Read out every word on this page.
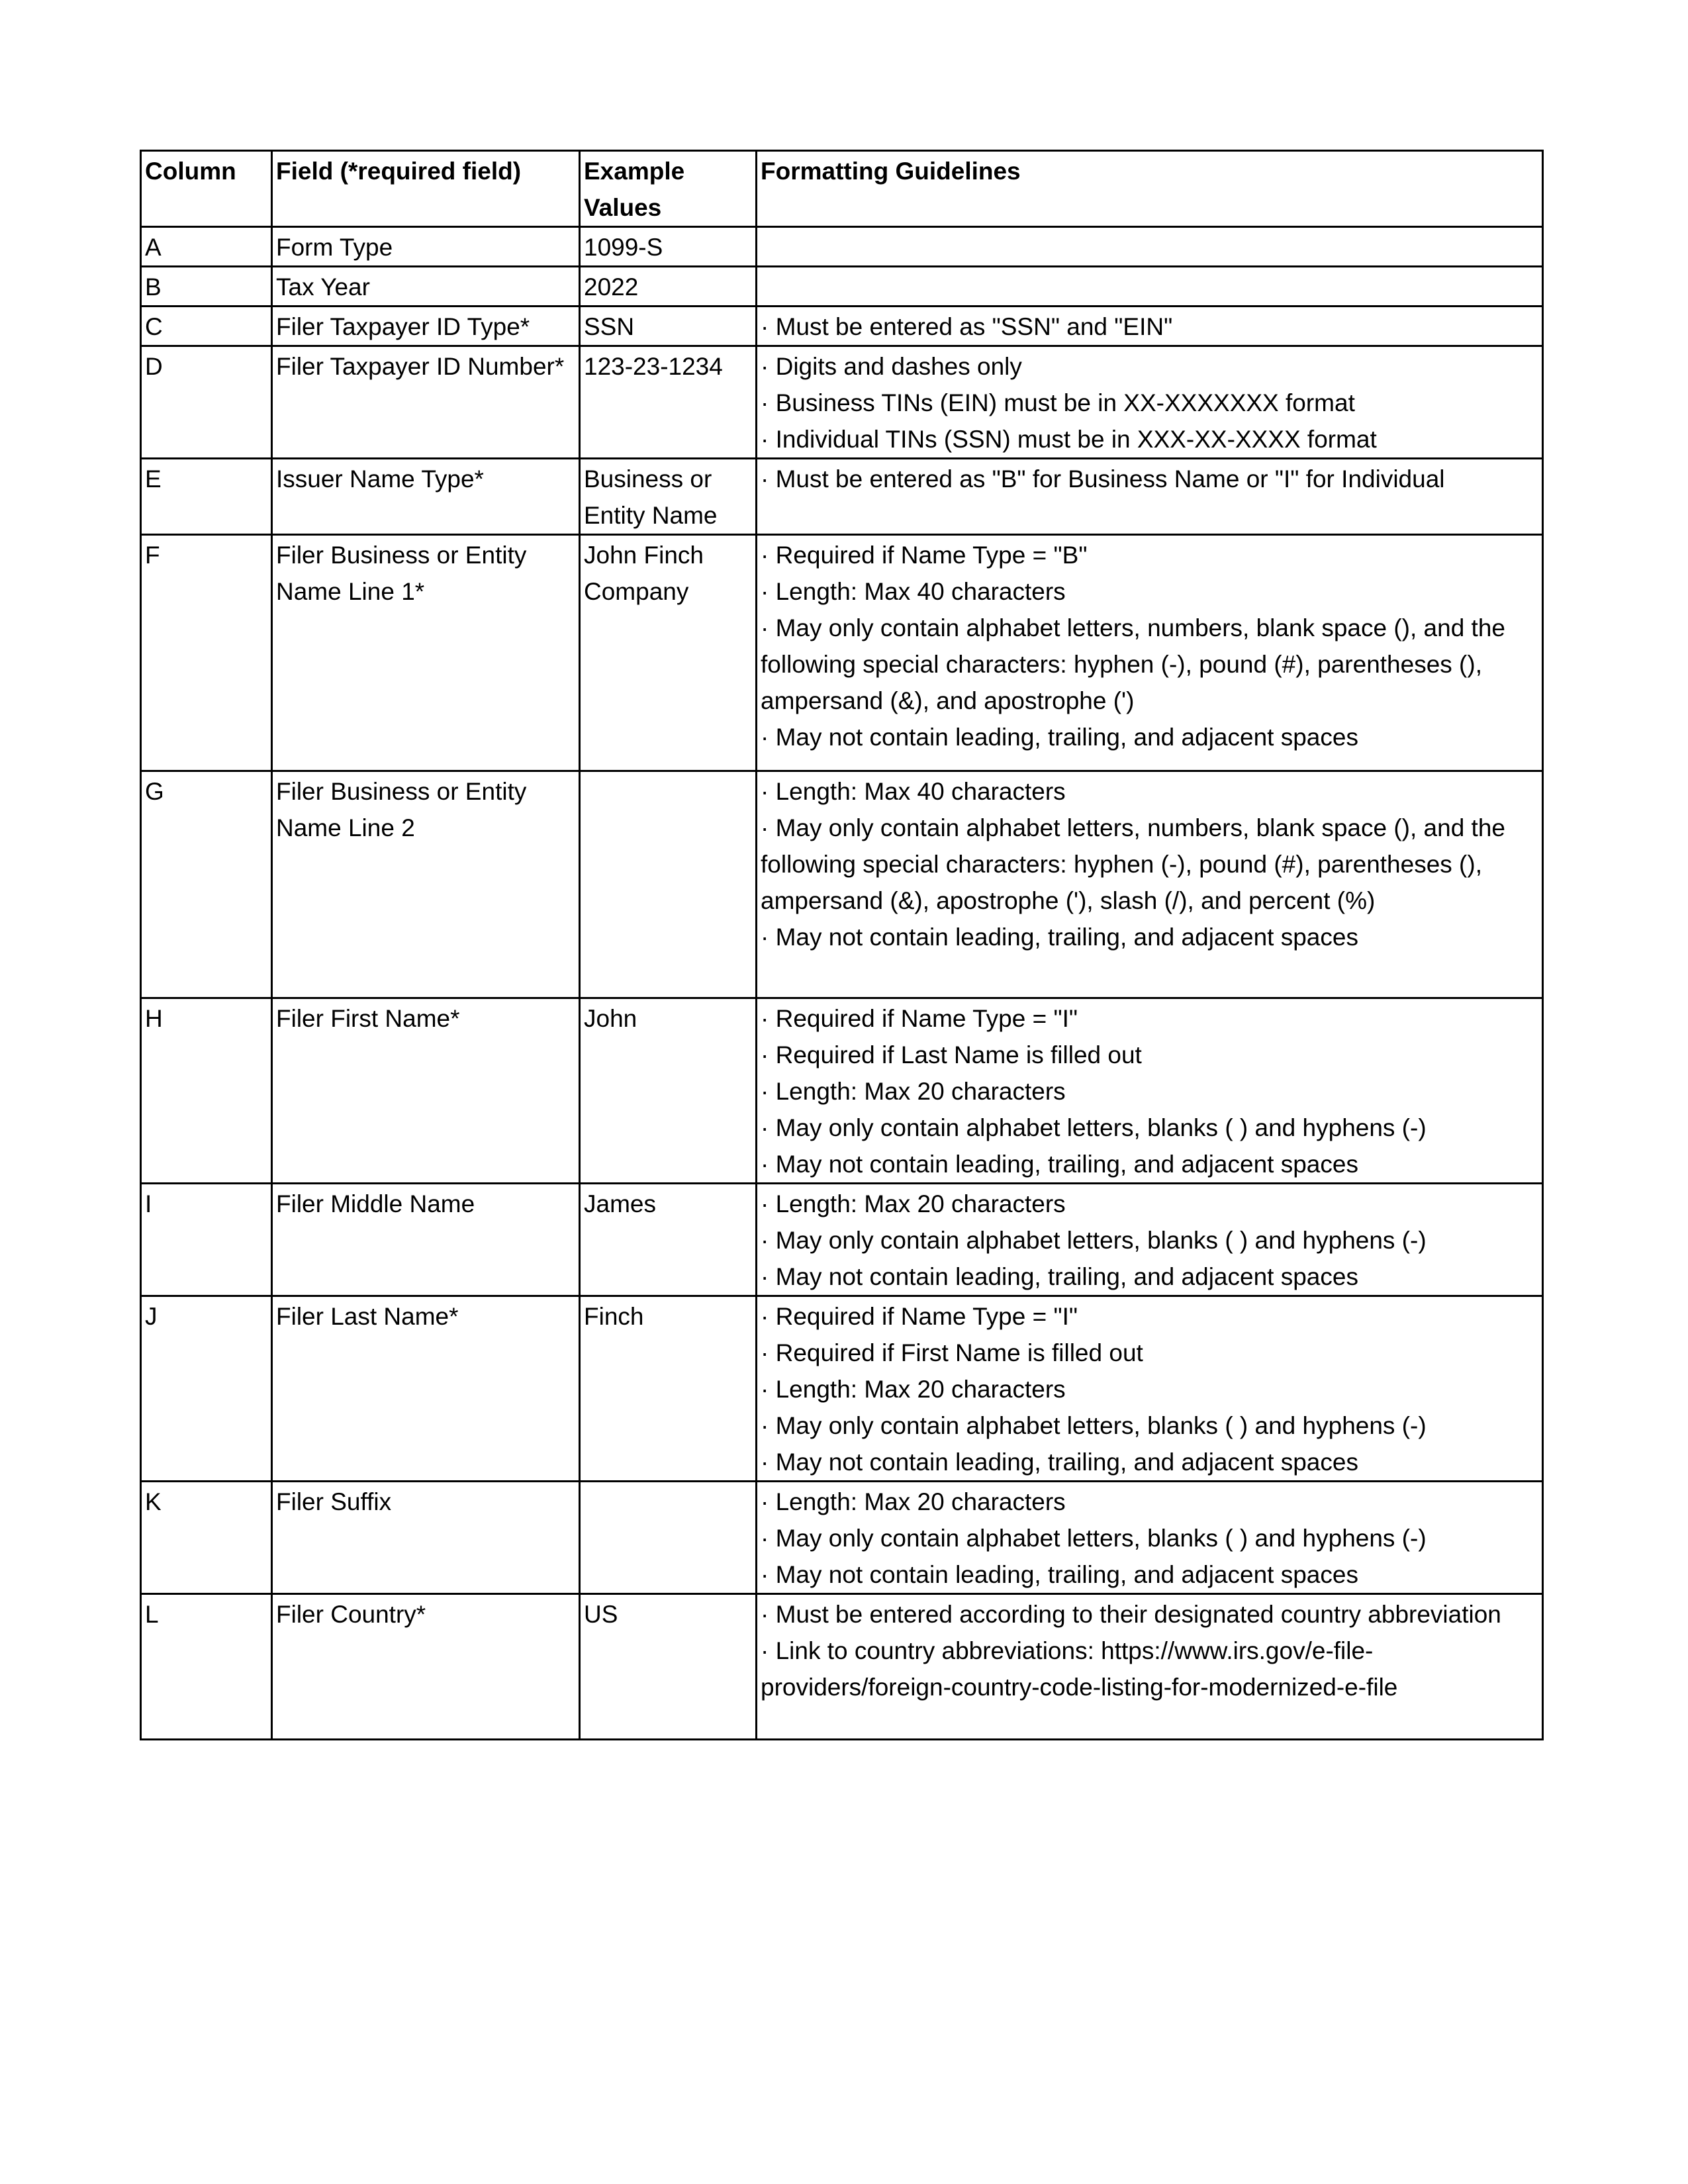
Column	Field (*required field)	Example Values	Formatting Guidelines
A	Form Type	1099-S	
B	Tax Year	2022	
C	Filer Taxpayer ID Type*	SSN	· Must be entered as "SSN" and "EIN"

D	Filer Taxpayer ID Number*	123-23-1234	· Digits and dashes only
· Business TINs (EIN) must be in XX-XXXXXXX format
· Individual TINs (SSN) must be in XXX-XX-XXXX format

E	Issuer Name Type*	Business or Entity Name	· Must be entered as "B" for Business Name or "I" for Individual

F	Filer Business or Entity Name Line 1*	John Finch Company	· Required if Name Type = "B"
· Length: Max 40 characters
· May only contain alphabet letters, numbers, blank space (), and the following special characters: hyphen (-), pound (#), parentheses (), ampersand (&), and apostrophe (')
· May not contain leading, trailing, and adjacent spaces

G	Filer Business or Entity Name Line 2		· Length: Max 40 characters
· May only contain alphabet letters, numbers, blank space (), and the following special characters: hyphen (-), pound (#), parentheses (), ampersand (&), apostrophe ('), slash (/), and percent (%)
· May not contain leading, trailing, and adjacent spaces

H	Filer First Name*	John	· Required if Name Type = "I"
· Required if Last Name is filled out
· Length: Max 20 characters
· May only contain alphabet letters, blanks ( ) and hyphens (-)
· May not contain leading, trailing, and adjacent spaces

I	Filer Middle Name	James	· Length: Max 20 characters
· May only contain alphabet letters, blanks ( ) and hyphens (-)
· May not contain leading, trailing, and adjacent spaces

J	Filer Last Name*	Finch	· Required if Name Type = "I"
· Required if First Name is filled out
· Length: Max 20 characters
· May only contain alphabet letters, blanks ( ) and hyphens (-)
· May not contain leading, trailing, and adjacent spaces

K	Filer Suffix		· Length: Max 20 characters
· May only contain alphabet letters, blanks ( ) and hyphens (-)
· May not contain leading, trailing, and adjacent spaces

L	Filer Country*	US	· Must be entered according to their designated country abbreviation
· Link to country abbreviations: https://www.irs.gov/e-file-providers/foreign-country-code-listing-for-modernized-e-file
